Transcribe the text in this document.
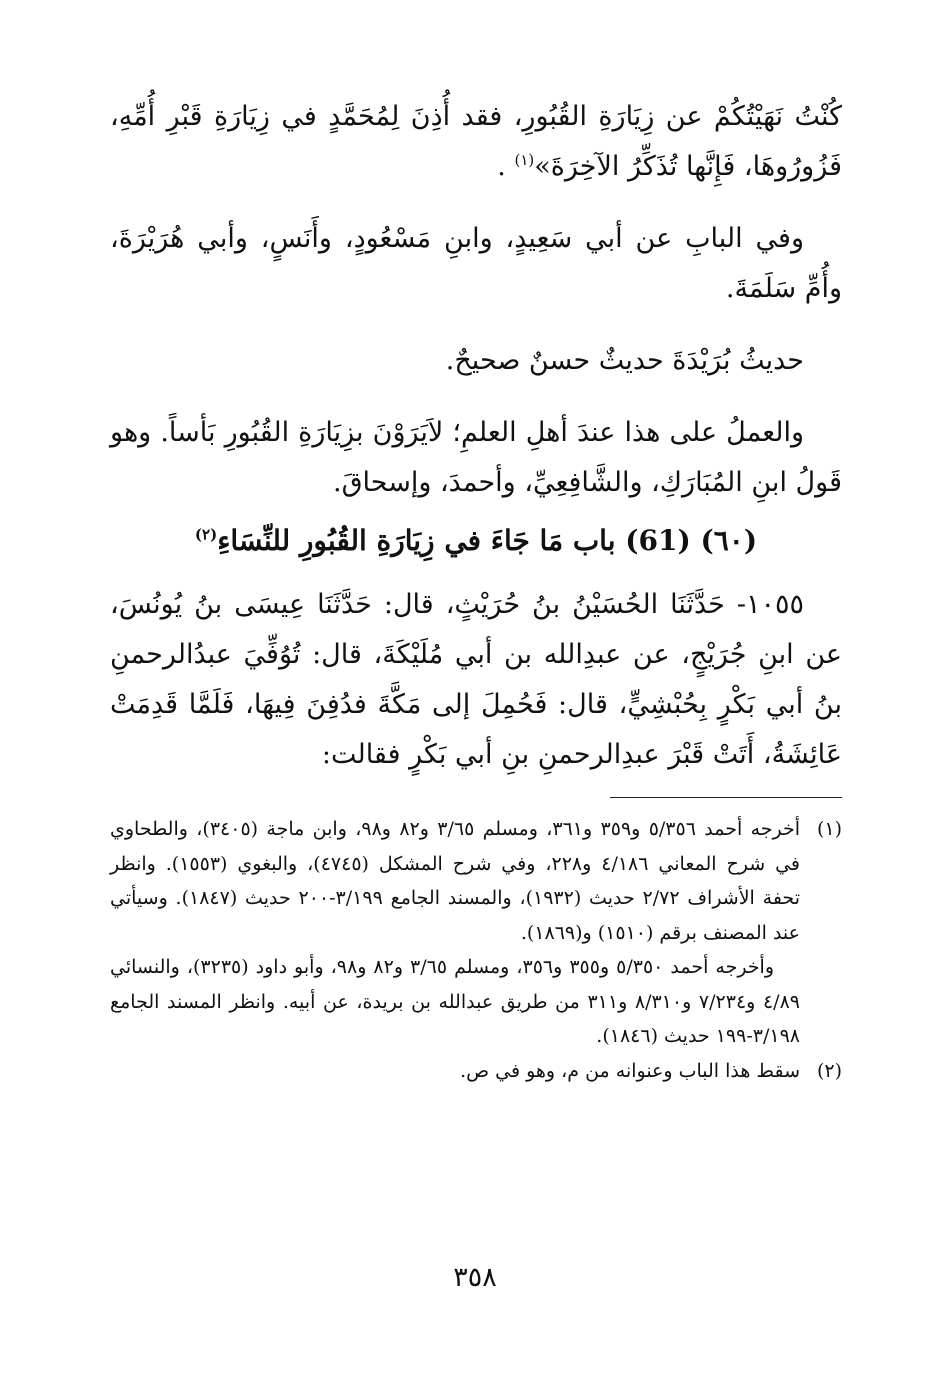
كُنْتُ نَهَيْتُكُمْ عن زِيَارَةِ القُبُورِ، فقد أُذِنَ لِمُحَمَّدٍ في زِيَارَةِ قَبْرِ أُمِّهِ، فَزُورُوهَا، فَإِنَّها تُذَكِّرُ الآخِرَةَ»$^{(١)}$ .

وفي البابِ عن أبي سَعِيدٍ، وابنِ مَسْعُودٍ، وأَنَسٍ، وأبي هُرَيْرَةَ، وأُمِّ سَلَمَةَ.

حديثُ بُرَيْدَةَ حديثٌ حسنٌ صحيحٌ.

والعملُ على هذا عندَ أهلِ العلمِ؛ لاَيَرَوْنَ بزِيَارَةِ القُبُورِ بَأساً. وهو قَولُ ابنِ المُبَارَكِ، والشَّافِعِيِّ، وأحمدَ، وإسحاقَ.

(٦٠) (61) باب مَا جَاءَ في زِيَارَةِ القُبُورِ للنِّسَاءِ$^{(٢)}$

١٠٥٥- حَدَّثَنَا الحُسَيْنُ بنُ حُرَيْثٍ، قال: حَدَّثَنَا عِيسَى بنُ يُونُسَ، عن ابنِ جُرَيْجٍ، عن عبدِالله بن أبي مُلَيْكَةَ، قال: تُوُفِّيَ عبدُالرحمنِ بنُ أبي بَكْرٍ بِحُبْشِيٍّ، قال: فَحُمِلَ إلى مَكَّةَ فدُفِنَ فِيهَا، فَلَمَّا قَدِمَتْ عَائِشَةُ، أَتَتْ قَبْرَ عبدِالرحمنِ بنِ أبي بَكْرٍ فقالت:

(١)
أخرجه أحمد ٥/٣٥٦ و٣٥٩ و٣٦١، ومسلم ٣/٦٥ و٨٢ و٩٨، وابن ماجة (٣٤٠٥)، والطحاوي في شرح المعاني ٤/١٨٦ و٢٢٨، وفي شرح المشكل (٤٧٤٥)، والبغوي (١٥٥٣). وانظر تحفة الأشراف ٢/٧٢ حديث (١٩٣٢)، والمسند الجامع ٣/١٩٩-٢٠٠ حديث (١٨٤٧). وسيأتي عند المصنف برقم (١٥١٠) و(١٨٦٩).

وأخرجه أحمد ٥/٣٥٠ و٣٥٥ و٣٥٦، ومسلم ٣/٦٥ و٨٢ و٩٨، وأبو داود (٣٢٣٥)، والنسائي ٤/٨٩ و٧/٢٣٤ و٨/٣١٠ و٣١١ من طريق عبدالله بن بريدة، عن أبيه. وانظر المسند الجامع ٣/١٩٨-١٩٩ حديث (١٨٤٦).

(٢)
سقط هذا الباب وعنوانه من م، وهو في ص.
٣٥٨
